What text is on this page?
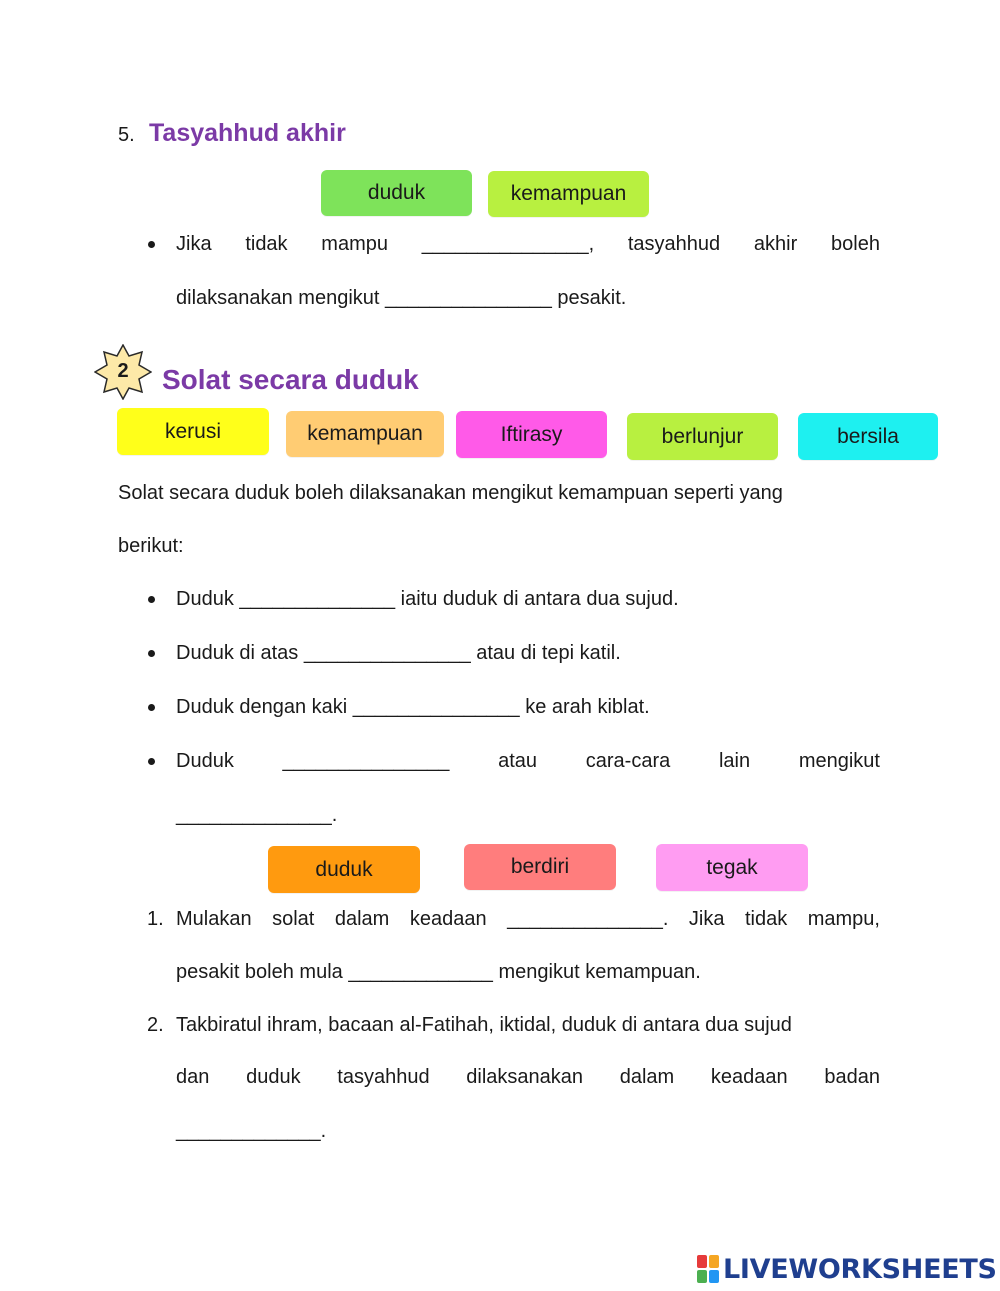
5. Tasyahhud akhir
duduk	kemampuan
Jika tidak mampu _______________, tasyahhud akhir boleh
dilaksanakan mengikut _______________ pesakit.
2	Solat secara duduk
kerusi	kemampuan	Iftirasy	berlunjur	bersila
Solat secara duduk boleh dilaksanakan mengikut kemampuan seperti yang
berikut:
Duduk ______________ iaitu duduk di antara dua sujud.
Duduk di atas _______________ atau di tepi katil.
Duduk dengan kaki _______________ ke arah kiblat.
Duduk _______________ atau cara-cara lain mengikut
______________.
duduk	berdiri	tegak
1. Mulakan solat dalam keadaan ______________. Jika tidak mampu,
pesakit boleh mula _____________ mengikut kemampuan.
2. Takbiratul ihram, bacaan al-Fatihah, iktidal, duduk di antara dua sujud
dan duduk tasyahhud dilaksanakan dalam keadaan badan
_____________.
LIVEWORKSHEETS
